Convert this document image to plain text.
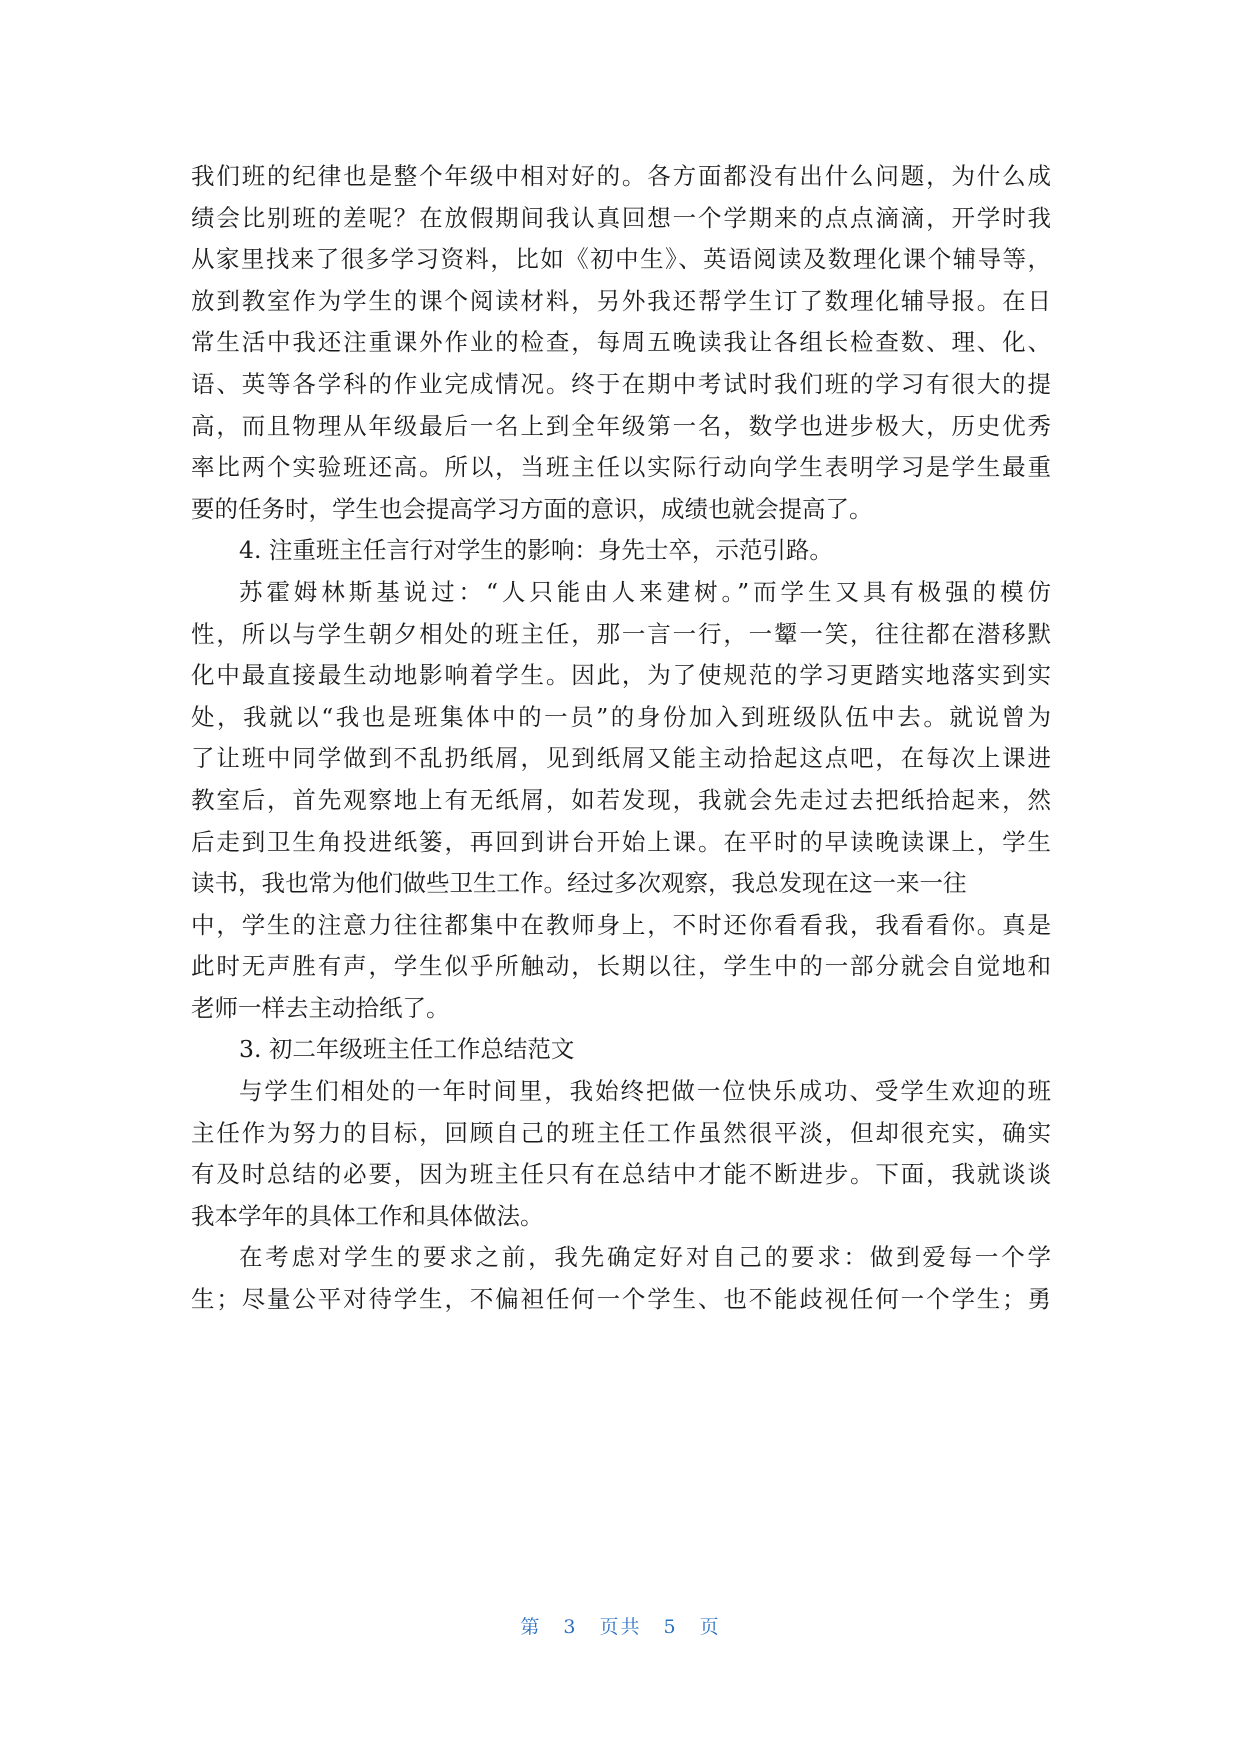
我们班的纪律也是整个年级中相对好的。各方面都没有出什么问题，为什么成
绩会比别班的差呢？在放假期间我认真回想一个学期来的点点滴滴，开学时我
从家里找来了很多学习资料，比如《初中生》、英语阅读及数理化课个辅导等，
放到教室作为学生的课个阅读材料，另外我还帮学生订了数理化辅导报。在日
常生活中我还注重课外作业的检查，每周五晚读我让各组长检查数、理、化、
语、英等各学科的作业完成情况。终于在期中考试时我们班的学习有很大的提
高，而且物理从年级最后一名上到全年级第一名，数学也进步极大，历史优秀
率比两个实验班还高。所以，当班主任以实际行动向学生表明学习是学生最重
要的任务时，学生也会提高学习方面的意识，成绩也就会提高了。
4. 注重班主任言行对学生的影响：身先士卒，示范引路。
苏霍姆林斯基说过：“人只能由人来建树。”而学生又具有极强的模仿
性，所以与学生朝夕相处的班主任，那一言一行，一颦一笑，往往都在潜移默
化中最直接最生动地影响着学生。因此，为了使规范的学习更踏实地落实到实
处，我就以“我也是班集体中的一员”的身份加入到班级队伍中去。就说曾为
了让班中同学做到不乱扔纸屑，见到纸屑又能主动拾起这点吧，在每次上课进
教室后，首先观察地上有无纸屑，如若发现，我就会先走过去把纸拾起来，然
后走到卫生角投进纸篓，再回到讲台开始上课。在平时的早读晚读课上，学生
读书，我也常为他们做些卫生工作。经过多次观察，我总发现在这一来一往
中，学生的注意力往往都集中在教师身上，不时还你看看我，我看看你。真是
此时无声胜有声，学生似乎所触动，长期以往，学生中的一部分就会自觉地和
老师一样去主动拾纸了。
3. 初二年级班主任工作总结范文
与学生们相处的一年时间里，我始终把做一位快乐成功、受学生欢迎的班
主任作为努力的目标，回顾自己的班主任工作虽然很平淡，但却很充实，确实
有及时总结的必要，因为班主任只有在总结中才能不断进步。下面，我就谈谈
我本学年的具体工作和具体做法。
在考虑对学生的要求之前，我先确定好对自己的要求：做到爱每一个学
生；尽量公平对待学生，不偏袒任何一个学生、也不能歧视任何一个学生；勇
第 3 页共 5 页
